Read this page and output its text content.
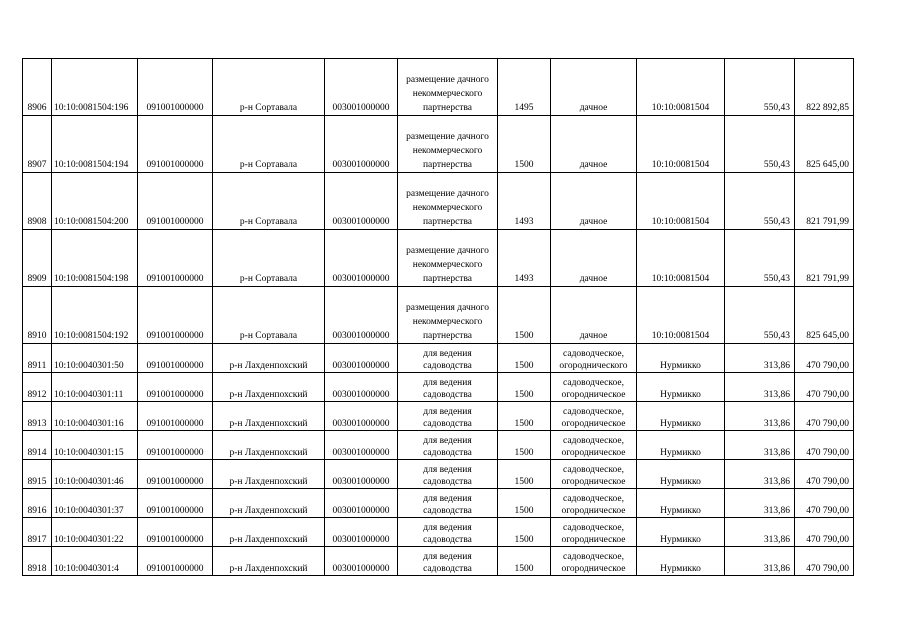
8906	10:10:0081504:196	091001000000	р-н Сортавала	003001000000	размещение дачного некоммерческого партнерства	1495	дачное	10:10:0081504	550,43	822 892,85
8907	10:10:0081504:194	091001000000	р-н Сортавала	003001000000	размещение дачного некоммерческого партнерства	1500	дачное	10:10:0081504	550,43	825 645,00
8908	10:10:0081504:200	091001000000	р-н Сортавала	003001000000	размещение дачного некоммерческого партнерства	1493	дачное	10:10:0081504	550,43	821 791,99
8909	10:10:0081504:198	091001000000	р-н Сортавала	003001000000	размещение дачного некоммерческого партнерства	1493	дачное	10:10:0081504	550,43	821 791,99
8910	10:10:0081504:192	091001000000	р-н Сортавала	003001000000	размещения дачного некоммерческого партнерства	1500	дачное	10:10:0081504	550,43	825 645,00
8911	10:10:0040301:50	091001000000	р-н Лахденпохский	003001000000	для ведения садоводства	1500	садоводческое, огороднического	Нурмикко	313,86	470 790,00
8912	10:10:0040301:11	091001000000	р-н Лахденпохский	003001000000	для ведения садоводства	1500	садоводческое, огородническое	Нурмикко	313,86	470 790,00
8913	10:10:0040301:16	091001000000	р-н Лахденпохский	003001000000	для ведения садоводства	1500	садоводческое, огородническое	Нурмикко	313,86	470 790,00
8914	10:10:0040301:15	091001000000	р-н Лахденпохский	003001000000	для ведения садоводства	1500	садоводческое, огородническое	Нурмикко	313,86	470 790,00
8915	10:10:0040301:46	091001000000	р-н Лахденпохский	003001000000	для ведения садоводства	1500	садоводческое, огородническое	Нурмикко	313,86	470 790,00
8916	10:10:0040301:37	091001000000	р-н Лахденпохский	003001000000	для ведения садоводства	1500	садоводческое, огородническое	Нурмикко	313,86	470 790,00
8917	10:10:0040301:22	091001000000	р-н Лахденпохский	003001000000	для ведения садоводства	1500	садоводческое, огородническое	Нурмикко	313,86	470 790,00
8918	10:10:0040301:4	091001000000	р-н Лахденпохский	003001000000	для ведения садоводства	1500	садоводческое, огородническое	Нурмикко	313,86	470 790,00
